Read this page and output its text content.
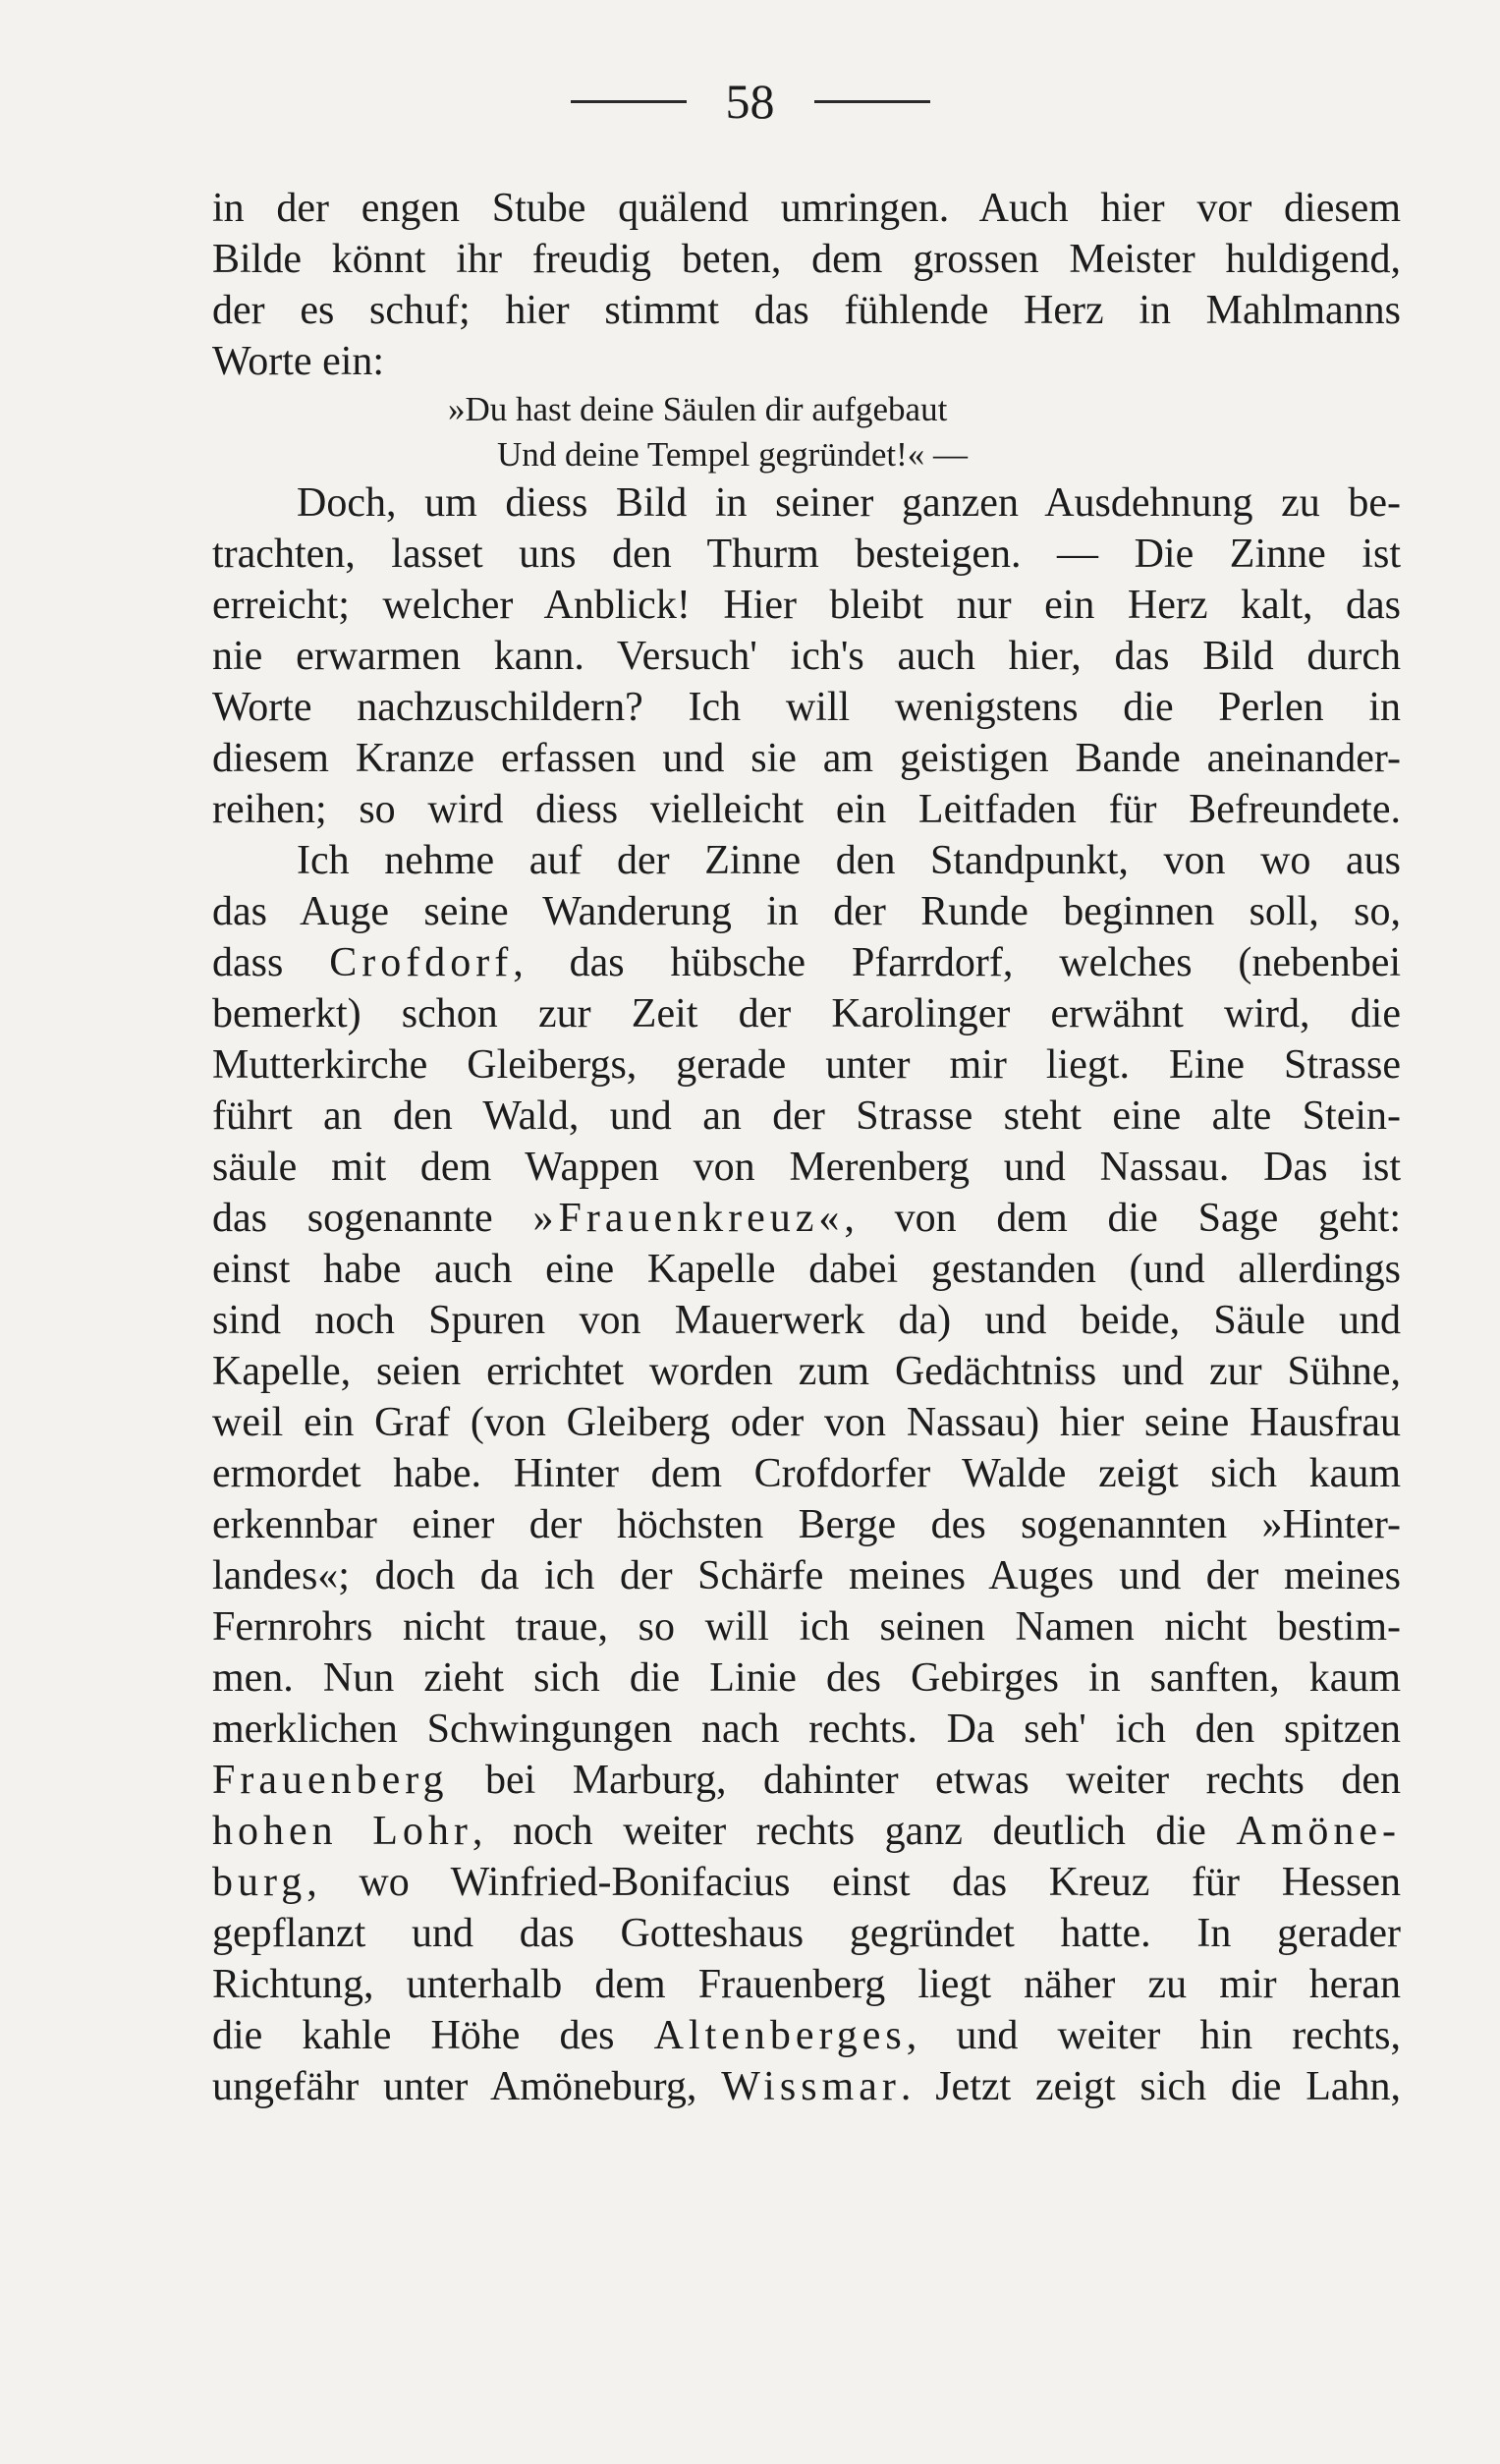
58
in der engen Stube quälend umringen. Auch hier vor diesem
Bilde könnt ihr freudig beten, dem grossen Meister huldigend,
der es schuf; hier stimmt das fühlende Herz in Mahlmanns
Worte ein:
»Du hast deine Säulen dir aufgebaut
Und deine Tempel gegründet!« —
Doch, um diess Bild in seiner ganzen Ausdehnung zu be-
trachten, lasset uns den Thurm besteigen. — Die Zinne ist
erreicht; welcher Anblick! Hier bleibt nur ein Herz kalt, das
nie erwarmen kann. Versuch' ich's auch hier, das Bild durch
Worte nachzuschildern? Ich will wenigstens die Perlen in
diesem Kranze erfassen und sie am geistigen Bande aneinander-
reihen; so wird diess vielleicht ein Leitfaden für Befreundete.
Ich nehme auf der Zinne den Standpunkt, von wo aus
das Auge seine Wanderung in der Runde beginnen soll, so,
dass Crofdorf, das hübsche Pfarrdorf, welches (nebenbei
bemerkt) schon zur Zeit der Karolinger erwähnt wird, die
Mutterkirche Gleibergs, gerade unter mir liegt. Eine Strasse
führt an den Wald, und an der Strasse steht eine alte Stein-
säule mit dem Wappen von Merenberg und Nassau. Das ist
das sogenannte »Frauenkreuz«, von dem die Sage geht:
einst habe auch eine Kapelle dabei gestanden (und allerdings
sind noch Spuren von Mauerwerk da) und beide, Säule und
Kapelle, seien errichtet worden zum Gedächtniss und zur Sühne,
weil ein Graf (von Gleiberg oder von Nassau) hier seine Hausfrau
ermordet habe. Hinter dem Crofdorfer Walde zeigt sich kaum
erkennbar einer der höchsten Berge des sogenannten »Hinter-
landes«; doch da ich der Schärfe meines Auges und der meines
Fernrohrs nicht traue, so will ich seinen Namen nicht bestim-
men. Nun zieht sich die Linie des Gebirges in sanften, kaum
merklichen Schwingungen nach rechts. Da seh' ich den spitzen
Frauenberg bei Marburg, dahinter etwas weiter rechts den
hohen Lohr, noch weiter rechts ganz deutlich die Amöne-
burg, wo Winfried-Bonifacius einst das Kreuz für Hessen
gepflanzt und das Gotteshaus gegründet hatte. In gerader
Richtung, unterhalb dem Frauenberg liegt näher zu mir heran
die kahle Höhe des Altenberges, und weiter hin rechts,
ungefähr unter Amöneburg, Wissmar. Jetzt zeigt sich die Lahn,
